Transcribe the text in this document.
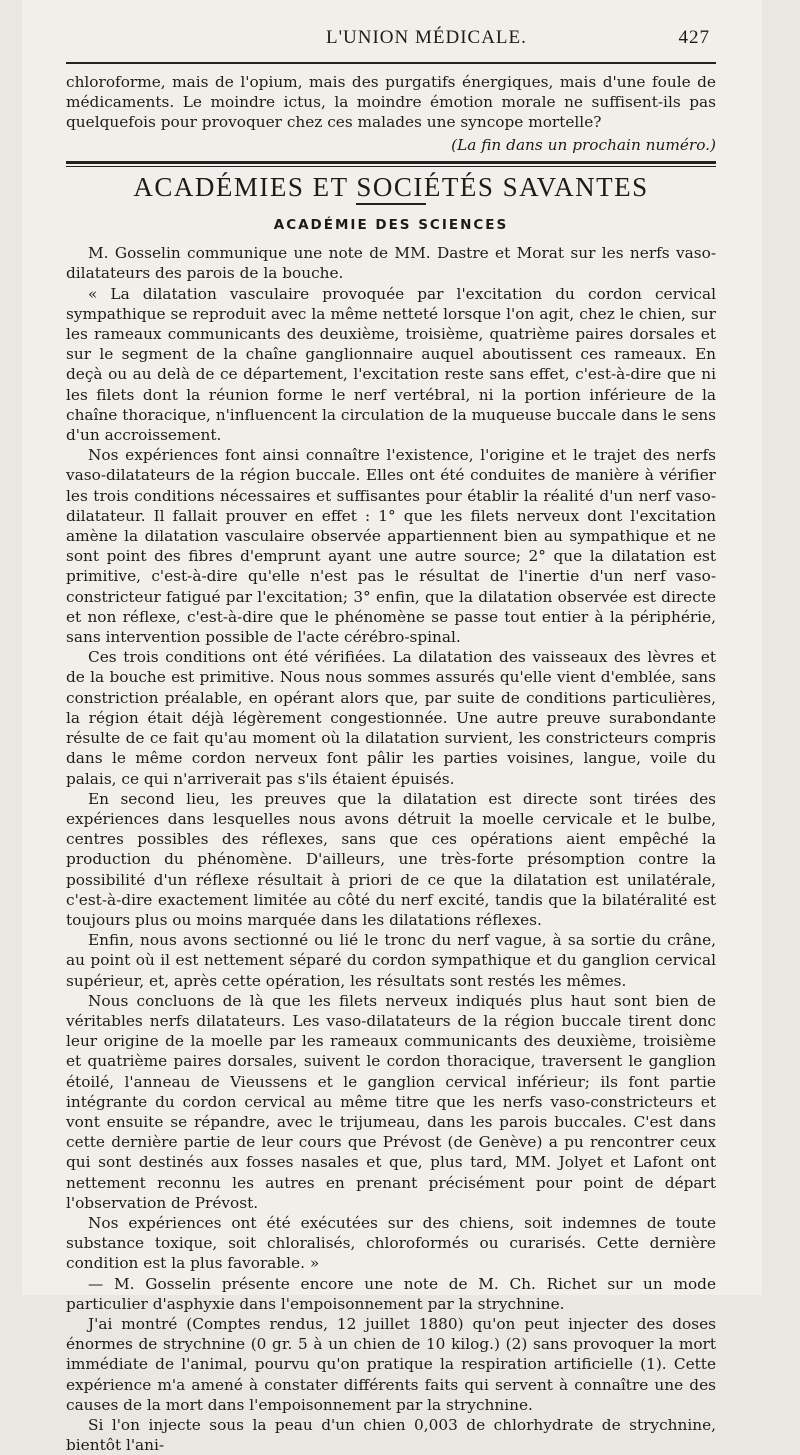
L'UNION MÉDICALE.	427

chloroforme, mais de l'opium, mais des purgatifs énergiques, mais d'une foule de médicaments. Le moindre ictus, la moindre émotion morale ne suffisent-ils pas quelquefois pour provoquer chez ces malades une syncope mortelle?

(La fin dans un prochain numéro.)

ACADÉMIES ET SOCIÉTÉS SAVANTES
ACADÉMIE DES SCIENCES

M. Gosselin communique une note de MM. Dastre et Morat sur les nerfs vaso-dilatateurs des parois de la bouche.

« La dilatation vasculaire provoquée par l'excitation du cordon cervical sympathique se reproduit avec la même netteté lorsque l'on agit, chez le chien, sur les rameaux communicants des deuxième, troisième, quatrième paires dorsales et sur le segment de la chaîne ganglionnaire auquel aboutissent ces rameaux. En deçà ou au delà de ce département, l'excitation reste sans effet, c'est-à-dire que ni les filets dont la réunion forme le nerf vertébral, ni la portion inférieure de la chaîne thoracique, n'influencent la circulation de la muqueuse buccale dans le sens d'un accroissement.

Nos expériences font ainsi connaître l'existence, l'origine et le trajet des nerfs vaso-dilatateurs de la région buccale. Elles ont été conduites de manière à vérifier les trois conditions nécessaires et suffisantes pour établir la réalité d'un nerf vaso-dilatateur. Il fallait prouver en effet : 1° que les filets nerveux dont l'excitation amène la dilatation vasculaire observée appartiennent bien au sympathique et ne sont point des fibres d'emprunt ayant une autre source; 2° que la dilatation est primitive, c'est-à-dire qu'elle n'est pas le résultat de l'inertie d'un nerf vaso-constricteur fatigué par l'excitation; 3° enfin, que la dilatation observée est directe et non réflexe, c'est-à-dire que le phénomène se passe tout entier à la périphérie, sans intervention possible de l'acte cérébro-spinal.

Ces trois conditions ont été vérifiées. La dilatation des vaisseaux des lèvres et de la bouche est primitive. Nous nous sommes assurés qu'elle vient d'emblée, sans constriction préalable, en opérant alors que, par suite de conditions particulières, la région était déjà légèrement congestionnée. Une autre preuve surabondante résulte de ce fait qu'au moment où la dilatation survient, les constricteurs compris dans le même cordon nerveux font pâlir les parties voisines, langue, voile du palais, ce qui n'arriverait pas s'ils étaient épuisés.

En second lieu, les preuves que la dilatation est directe sont tirées des expériences dans lesquelles nous avons détruit la moelle cervicale et le bulbe, centres possibles des réflexes, sans que ces opérations aient empêché la production du phénomène. D'ailleurs, une très-forte présomption contre la possibilité d'un réflexe résultait à priori de ce que la dilatation est unilatérale, c'est-à-dire exactement limitée au côté du nerf excité, tandis que la bilatéralité est toujours plus ou moins marquée dans les dilatations réflexes.

Enfin, nous avons sectionné ou lié le tronc du nerf vague, à sa sortie du crâne, au point où il est nettement séparé du cordon sympathique et du ganglion cervical supérieur, et, après cette opération, les résultats sont restés les mêmes.

Nous concluons de là que les filets nerveux indiqués plus haut sont bien de véritables nerfs dilatateurs. Les vaso-dilatateurs de la région buccale tirent donc leur origine de la moelle par les rameaux communicants des deuxième, troisième et quatrième paires dorsales, suivent le cordon thoracique, traversent le ganglion étoilé, l'anneau de Vieussens et le ganglion cervical inférieur; ils font partie intégrante du cordon cervical au même titre que les nerfs vaso-constricteurs et vont ensuite se répandre, avec le trijumeau, dans les parois buccales. C'est dans cette dernière partie de leur cours que Prévost (de Genève) a pu rencontrer ceux qui sont destinés aux fosses nasales et que, plus tard, MM. Jolyet et Lafont ont nettement reconnu les autres en prenant précisément pour point de départ l'observation de Prévost.

Nos expériences ont été exécutées sur des chiens, soit indemnes de toute substance toxique, soit chloralisés, chloroformés ou curarisés. Cette dernière condition est la plus favorable. »

— M. Gosselin présente encore une note de M. Ch. Richet sur un mode particulier d'asphyxie dans l'empoisonnement par la strychnine.

J'ai montré (Comptes rendus, 12 juillet 1880) qu'on peut injecter des doses énormes de strychnine (0 gr. 5 à un chien de 10 kilog.) (2) sans provoquer la mort immédiate de l'animal, pourvu qu'on pratique la respiration artificielle (1). Cette expérience m'a amené à constater différents faits qui servent à connaître une des causes de la mort dans l'empoisonnement par la strychnine.

Si l'on injecte sous la peau d'un chien 0,003 de chlorhydrate de strychnine, bientôt l'ani-
